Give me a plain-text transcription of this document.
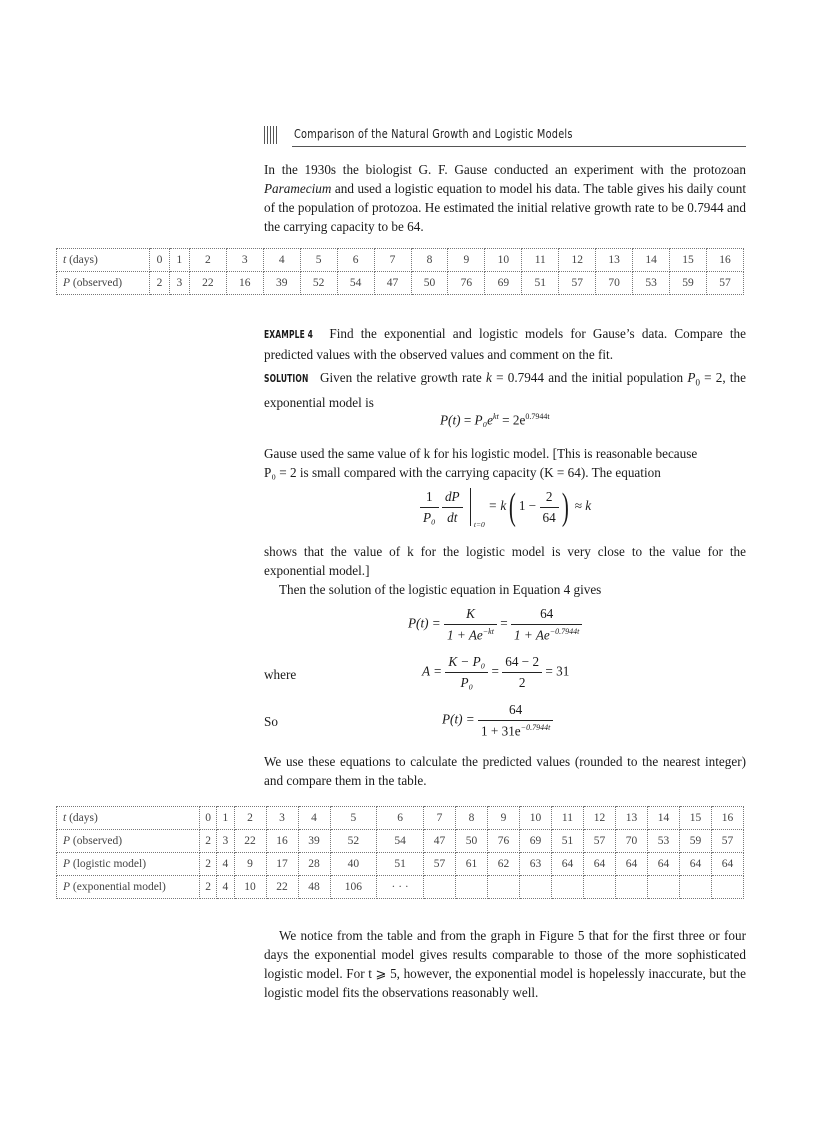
Comparison of the Natural Growth and Logistic Models

In the 1930s the biologist G. F. Gause conducted an experiment with the protozoan Paramecium and used a logistic equation to model his data. The table gives his daily count of the population of protozoa. He estimated the initial relative growth rate to be 0.7944 and the carrying capacity to be 64.

t (days)	0	1	2	3	4	5	6	7	8	9	10	11	12	13	14	15	16
P (observed)	2	3	22	16	39	52	54	47	50	76	69	51	57	70	53	59	57

EXAMPLE 4 Find the exponential and logistic models for Gause’s data. Compare the predicted values with the observed values and comment on the fit.

SOLUTION Given the relative growth rate k = 0.7944 and the initial population $P_0 = 2$, the exponential model is

$P(t) = P_0e^{kt} = 2e^{0.7944t}$

Gause used the same value of k for his logistic model. [This is reasonable because

P₀ = 2 is small compared with the carrying capacity (K = 64). The equation

$\frac{1}{\text{P₀}}$
$\frac{dP}{dt}$
t=0
= k( $1 - \frac{2}{64}$ ) ≈ k

shows that the value of k for the logistic model is very close to the value for the exponential model.]

Then the solution of the logistic equation in Equation 4 gives

$P(t) = \frac{K}{1 + Ae^{-kt}} = \frac{64}{1 + Ae^{-0.7944t}}$
where	$A = \frac{\text{K − P₀}}{\text{P₀}} = \frac{64 - 2}{2} = 31$
So	$P(t) = \frac{64}{1 + 31e^{-0.7944t}}$

We use these equations to calculate the predicted values (rounded to the nearest integer) and compare them in the table.

t (days)	0	1	2	3	4	5	6	7	8	9	10	11	12	13	14	15	16
P (observed)	2	3	22	16	39	52	54	47	50	76	69	51	57	70	53	59	57
P (logistic model)	2	4	9	17	28	40	51	57	61	62	63	64	64	64	64	64	64
P (exponential model)	2	4	10	22	48	106	· · ·										

We notice from the table and from the graph in Figure 5 that for the first three or four days the exponential model gives results comparable to those of the more sophisticated logistic model. For t ⩾ 5, however, the exponential model is hopelessly inaccurate, but the logistic model fits the observations reasonably well.
